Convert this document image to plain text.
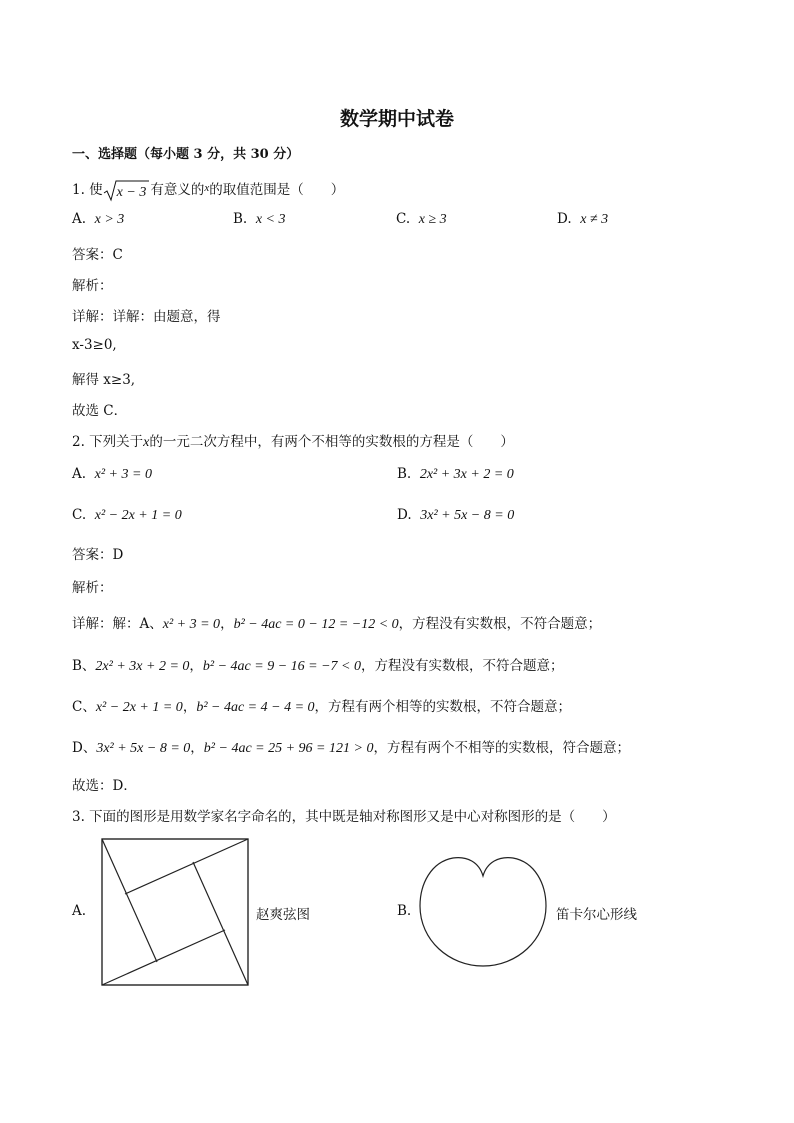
数学期中试卷
一、选择题（每小题 3 分，共 30 分）
1. 使 x − 3 有意义的$^x$的取值范围是（　　）
A. x > 3	B. x < 3	C. x ≥ 3	D. x ≠ 3
答案：C
解析：
详解：详解：由题意，得
x-3≥0,
解得 x≥3,
故选 C．
2. 下列关于x的一元二次方程中，有两个不相等的实数根的方程是（　　）
A. x² + 3 = 0	B. 2x² + 3x + 2 = 0
C. x² − 2x + 1 = 0	D. 3x² + 5x − 8 = 0
答案：D
解析：
详解：解：A、x² + 3 = 0，b² − 4ac = 0 − 12 = −12 < 0，方程没有实数根，不符合题意；
B、2x² + 3x + 2 = 0，b² − 4ac = 9 − 16 = −7 < 0，方程没有实数根，不符合题意；
C、x² − 2x + 1 = 0，b² − 4ac = 4 − 4 = 0，方程有两个相等的实数根，不符合题意；
D、3x² + 5x − 8 = 0，b² − 4ac = 25 + 96 = 121 > 0，方程有两个不相等的实数根，符合题意；
故选：D．
3. 下面的图形是用数学家名字命名的，其中既是轴对称图形又是中心对称图形的是（　　）
A.	赵爽弦图	B.	笛卡尔心形线
